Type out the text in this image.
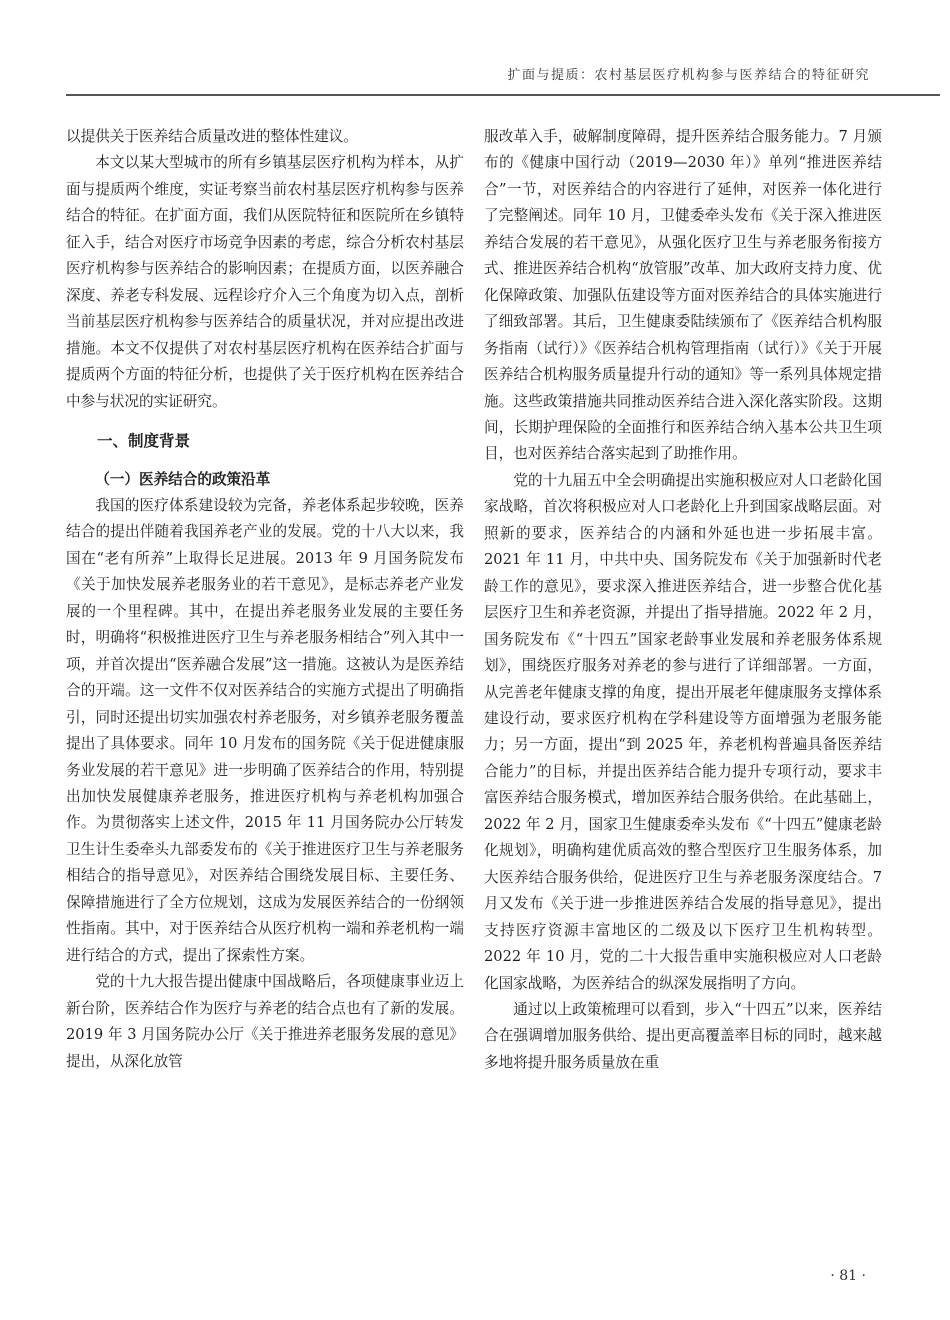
扩面与提质：农村基层医疗机构参与医养结合的特征研究

以提供关于医养结合质量改进的整体性建议。

本文以某大型城市的所有乡镇基层医疗机构为样本，从扩面与提质两个维度，实证考察当前农村基层医疗机构参与医养结合的特征。在扩面方面，我们从医院特征和医院所在乡镇特征入手，结合对医疗市场竞争因素的考虑，综合分析农村基层医疗机构参与医养结合的影响因素；在提质方面，以医养融合深度、养老专科发展、远程诊疗介入三个角度为切入点，剖析当前基层医疗机构参与医养结合的质量状况，并对应提出改进措施。本文不仅提供了对农村基层医疗机构在医养结合扩面与提质两个方面的特征分析，也提供了关于医疗机构在医养结合中参与状况的实证研究。

一、制度背景
（一）医养结合的政策沿革

我国的医疗体系建设较为完备，养老体系起步较晚，医养结合的提出伴随着我国养老产业的发展。党的十八大以来，我国在“老有所养”上取得长足进展。2013 年 9 月国务院发布《关于加快发展养老服务业的若干意见》，是标志养老产业发展的一个里程碑。其中，在提出养老服务业发展的主要任务时，明确将“积极推进医疗卫生与养老服务相结合”列入其中一项，并首次提出“医养融合发展”这一措施。这被认为是医养结合的开端。这一文件不仅对医养结合的实施方式提出了明确指引，同时还提出切实加强农村养老服务，对乡镇养老服务覆盖提出了具体要求。同年 10 月发布的国务院《关于促进健康服务业发展的若干意见》进一步明确了医养结合的作用，特别提出加快发展健康养老服务，推进医疗机构与养老机构加强合作。为贯彻落实上述文件，2015 年 11 月国务院办公厅转发卫生计生委牵头九部委发布的《关于推进医疗卫生与养老服务相结合的指导意见》，对医养结合围绕发展目标、主要任务、保障措施进行了全方位规划，这成为发展医养结合的一份纲领性指南。其中，对于医养结合从医疗机构一端和养老机构一端进行结合的方式，提出了探索性方案。

党的十九大报告提出健康中国战略后，各项健康事业迈上新台阶，医养结合作为医疗与养老的结合点也有了新的发展。2019 年 3 月国务院办公厅《关于推进养老服务发展的意见》提出，从深化放管

服改革入手，破解制度障碍，提升医养结合服务能力。7 月颁布的《健康中国行动（2019—2030 年）》单列“推进医养结合”一节，对医养结合的内容进行了延伸，对医养一体化进行了完整阐述。同年 10 月，卫健委牵头发布《关于深入推进医养结合发展的若干意见》，从强化医疗卫生与养老服务衔接方式、推进医养结合机构“放管服”改革、加大政府支持力度、优化保障政策、加强队伍建设等方面对医养结合的具体实施进行了细致部署。其后，卫生健康委陆续颁布了《医养结合机构服务指南（试行）》《医养结合机构管理指南（试行）》《关于开展医养结合机构服务质量提升行动的通知》等一系列具体规定措施。这些政策措施共同推动医养结合进入深化落实阶段。这期间，长期护理保险的全面推行和医养结合纳入基本公共卫生项目，也对医养结合落实起到了助推作用。

党的十九届五中全会明确提出实施积极应对人口老龄化国家战略，首次将积极应对人口老龄化上升到国家战略层面。对照新的要求，医养结合的内涵和外延也进一步拓展丰富。2021 年 11 月，中共中央、国务院发布《关于加强新时代老龄工作的意见》，要求深入推进医养结合，进一步整合优化基层医疗卫生和养老资源，并提出了指导措施。2022 年 2 月，国务院发布《“十四五”国家老龄事业发展和养老服务体系规划》，围绕医疗服务对养老的参与进行了详细部署。一方面，从完善老年健康支撑的角度，提出开展老年健康服务支撑体系建设行动，要求医疗机构在学科建设等方面增强为老服务能力；另一方面，提出“到 2025 年，养老机构普遍具备医养结合能力”的目标，并提出医养结合能力提升专项行动，要求丰富医养结合服务模式，增加医养结合服务供给。在此基础上，2022 年 2 月，国家卫生健康委牵头发布《“十四五”健康老龄化规划》，明确构建优质高效的整合型医疗卫生服务体系，加大医养结合服务供给，促进医疗卫生与养老服务深度结合。7 月又发布《关于进一步推进医养结合发展的指导意见》，提出支持医疗资源丰富地区的二级及以下医疗卫生机构转型。2022 年 10 月，党的二十大报告重申实施积极应对人口老龄化国家战略，为医养结合的纵深发展指明了方向。

通过以上政策梳理可以看到，步入“十四五”以来，医养结合在强调增加服务供给、提出更高覆盖率目标的同时，越来越多地将提升服务质量放在重

· 81 ·
